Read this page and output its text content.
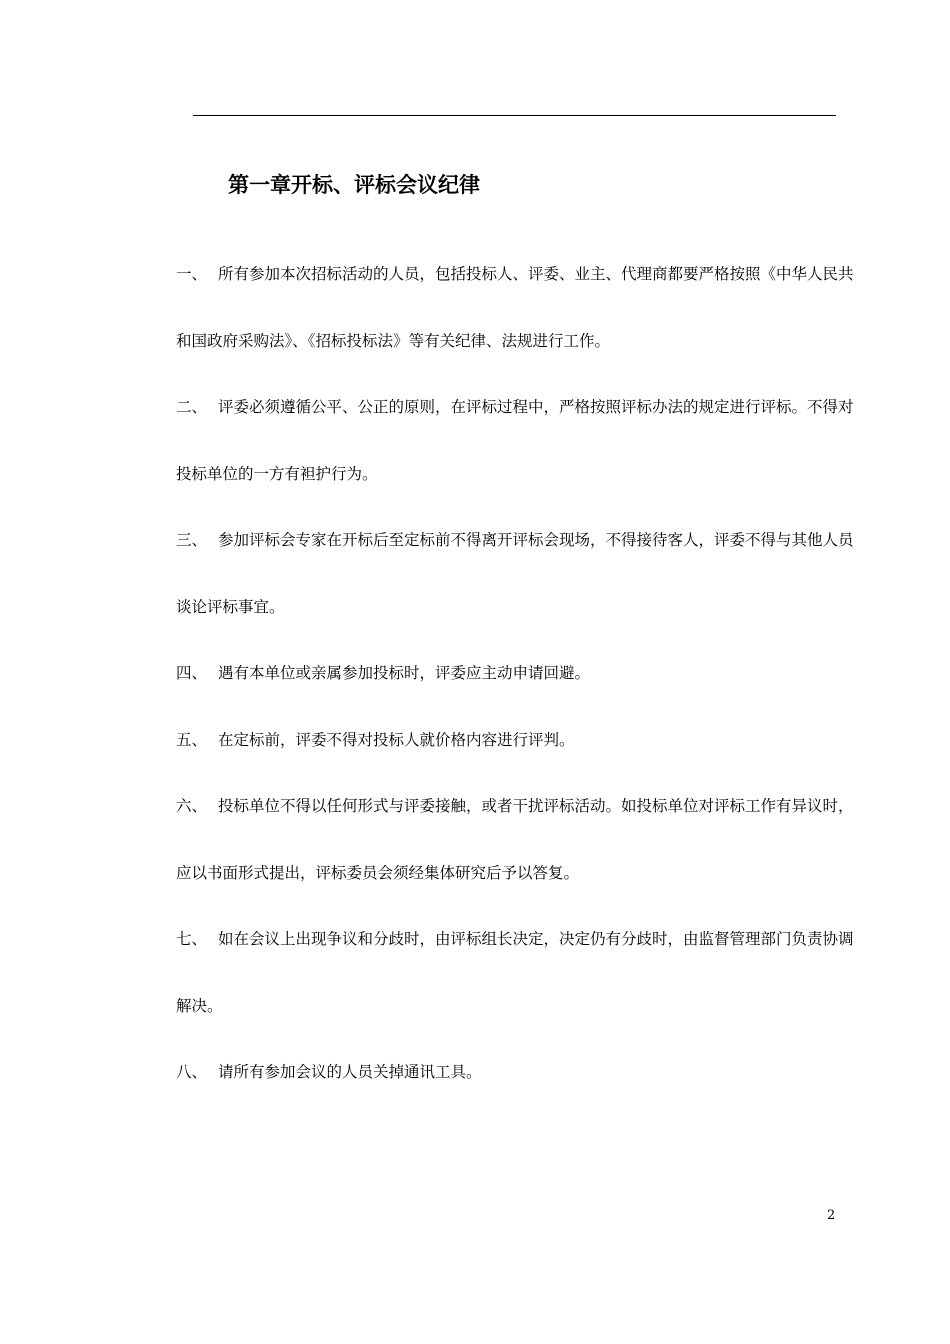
第一章开标、评标会议纪律
一、 所有参加本次招标活动的人员，包括投标人、评委、业主、代理商都要严格按照《中华人民共和国政府采购法》、《招标投标法》等有关纪律、法规进行工作。
二、 评委必须遵循公平、公正的原则，在评标过程中，严格按照评标办法的规定进行评标。不得对投标单位的一方有袒护行为。
三、 参加评标会专家在开标后至定标前不得离开评标会现场，不得接待客人，评委不得与其他人员谈论评标事宜。
四、 遇有本单位或亲属参加投标时，评委应主动申请回避。
五、 在定标前，评委不得对投标人就价格内容进行评判。
六、 投标单位不得以任何形式与评委接触，或者干扰评标活动。如投标单位对评标工作有异议时，应以书面形式提出，评标委员会须经集体研究后予以答复。
七、 如在会议上出现争议和分歧时，由评标组长决定，决定仍有分歧时，由监督管理部门负责协调解决。
八、 请所有参加会议的人员关掉通讯工具。
2
